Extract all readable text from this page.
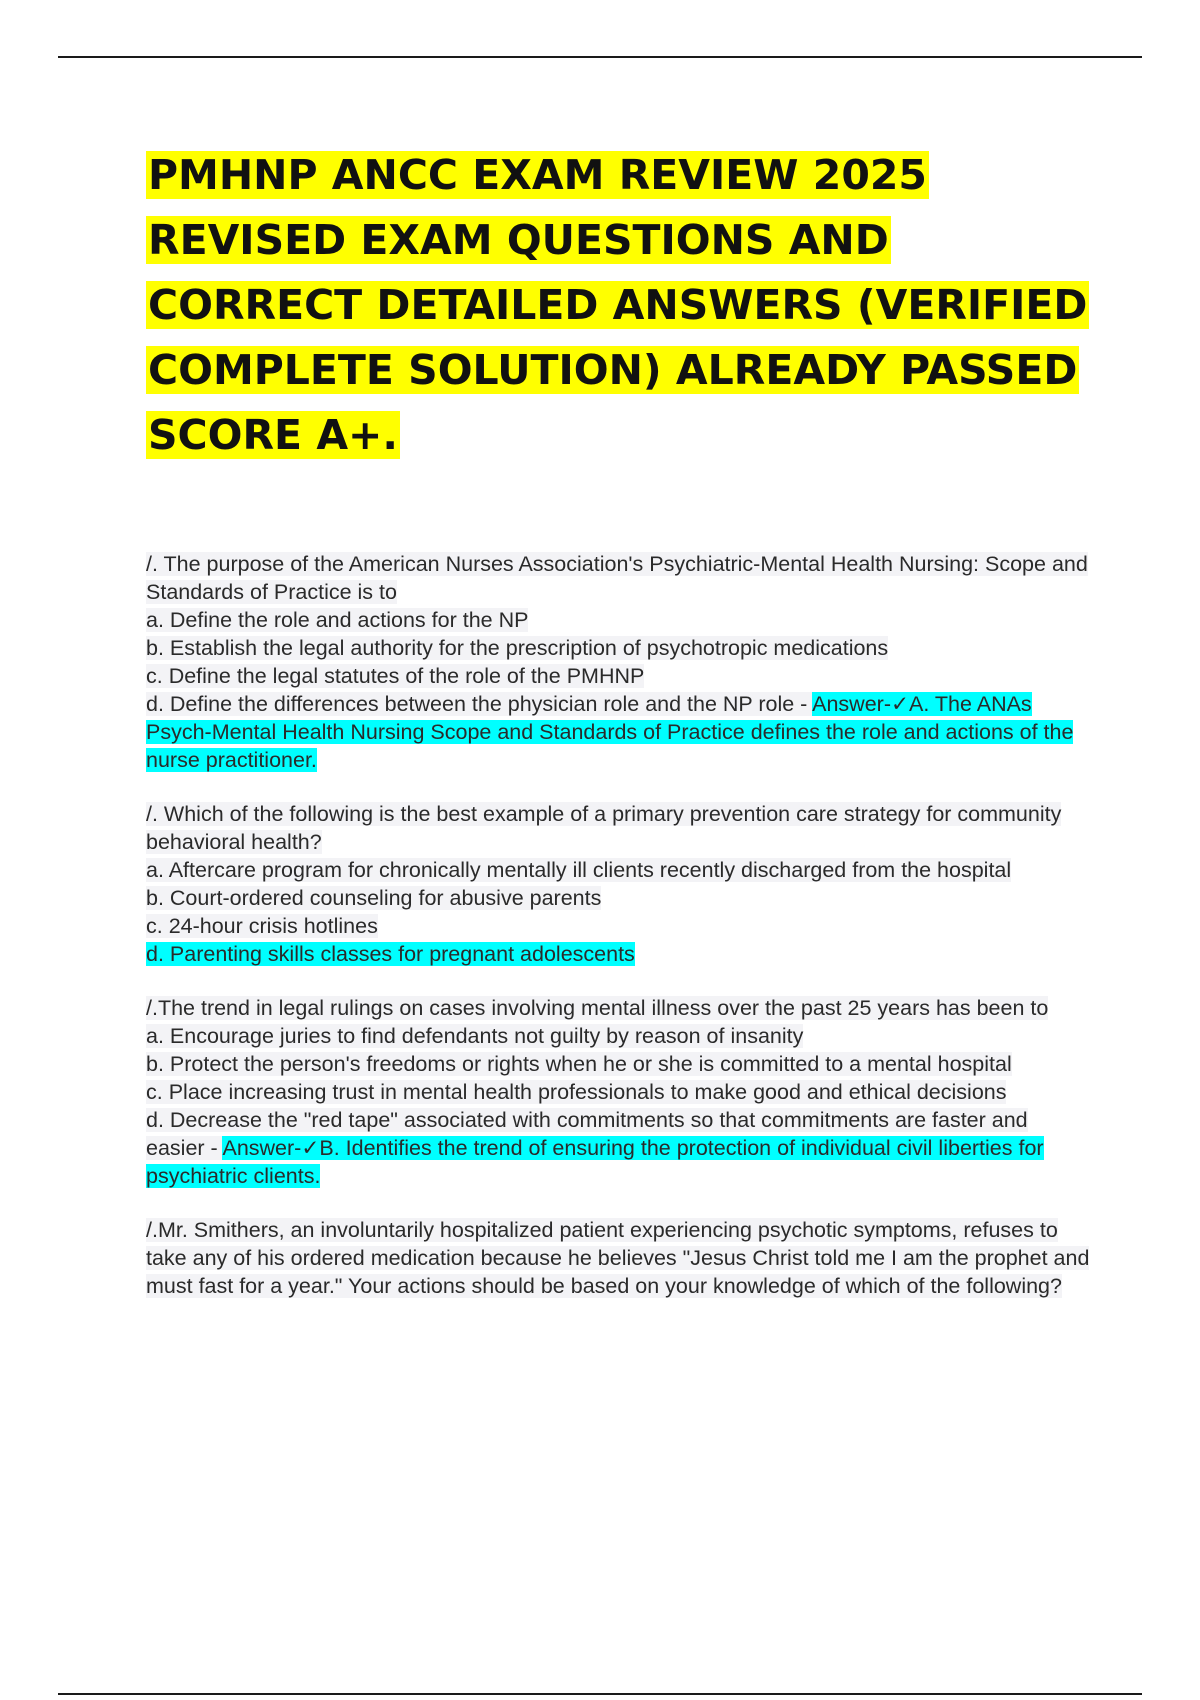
PMHNP ANCC EXAM REVIEW 2025 REVISED EXAM QUESTIONS AND CORRECT DETAILED ANSWERS (VERIFIED COMPLETE SOLUTION) ALREADY PASSED SCORE A+.

/. The purpose of the American Nurses Association's Psychiatric-Mental Health Nursing: Scope and Standards of Practice is to

a. Define the role and actions for the NP

b. Establish the legal authority for the prescription of psychotropic medications

c. Define the legal statutes of the role of the PMHNP

d. Define the differences between the physician role and the NP role - Answer-✓A. The ANAs Psych-Mental Health Nursing Scope and Standards of Practice defines the role and actions of the nurse practitioner.

/. Which of the following is the best example of a primary prevention care strategy for community behavioral health?

a. Aftercare program for chronically mentally ill clients recently discharged from the hospital

b. Court-ordered counseling for abusive parents

c. 24-hour crisis hotlines

d. Parenting skills classes for pregnant adolescents

/.The trend in legal rulings on cases involving mental illness over the past 25 years has been to

a. Encourage juries to find defendants not guilty by reason of insanity

b. Protect the person's freedoms or rights when he or she is committed to a mental hospital

c. Place increasing trust in mental health professionals to make good and ethical decisions

d. Decrease the "red tape" associated with commitments so that commitments are faster and easier - Answer-✓B. Identifies the trend of ensuring the protection of individual civil liberties for psychiatric clients.

/.Mr. Smithers, an involuntarily hospitalized patient experiencing psychotic symptoms, refuses to take any of his ordered medication because he believes "Jesus Christ told me I am the prophet and must fast for a year." Your actions should be based on your knowledge of which of the following?
